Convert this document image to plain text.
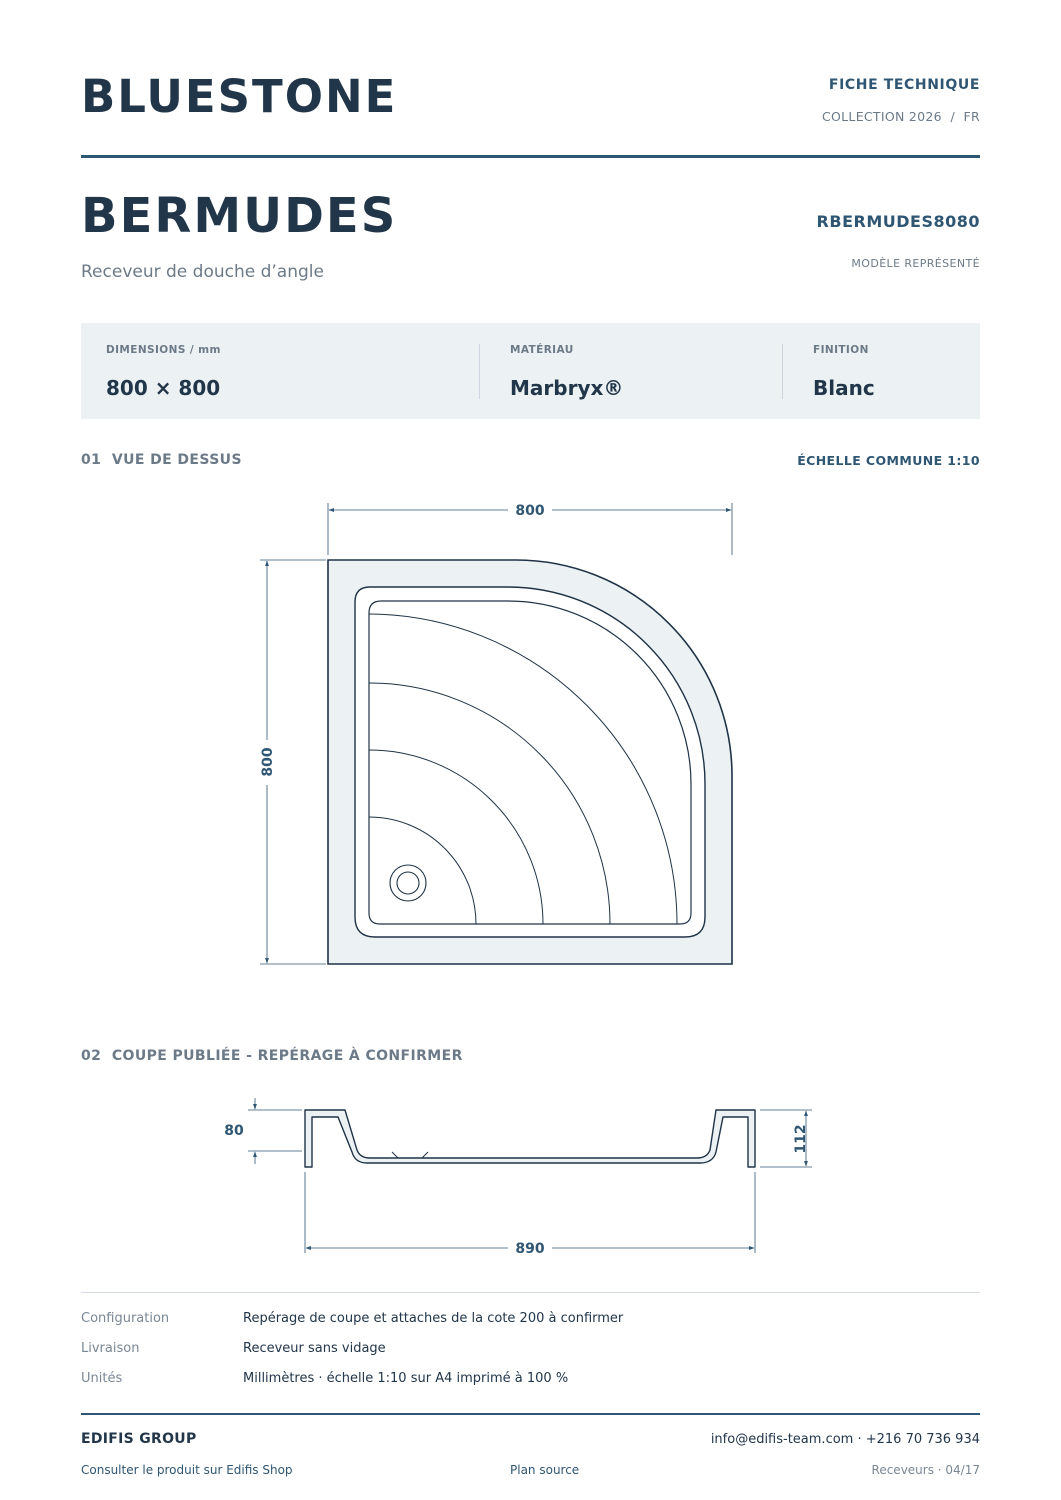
BLUESTONE	FICHE TECHNIQUE
COLLECTION 2026  /  FR
BERMUDES
Receveur de douche d’angle
RBERMUDES8080
MODÈLE REPRÉSENTÉ
DIMENSIONS / mm
800 × 800
MATÉRIAU
Marbryx®
FINITION
Blanc
01 VUE DE DESSUS	ÉCHELLE COMMUNE 1:10
800
800
02 COUPE PUBLIÉE - REPÉRAGE À CONFIRMER
80	112
890
Configuration	Repérage de coupe et attaches de la cote 200 à confirmer
Livraison	Receveur sans vidage
Unités	Millimètres · échelle 1:10 sur A4 imprimé à 100 %
EDIFIS GROUP	info@edifis-team.com · +216 70 736 934
Consulter le produit sur Edifis Shop	Plan source	Receveurs · 04/17
